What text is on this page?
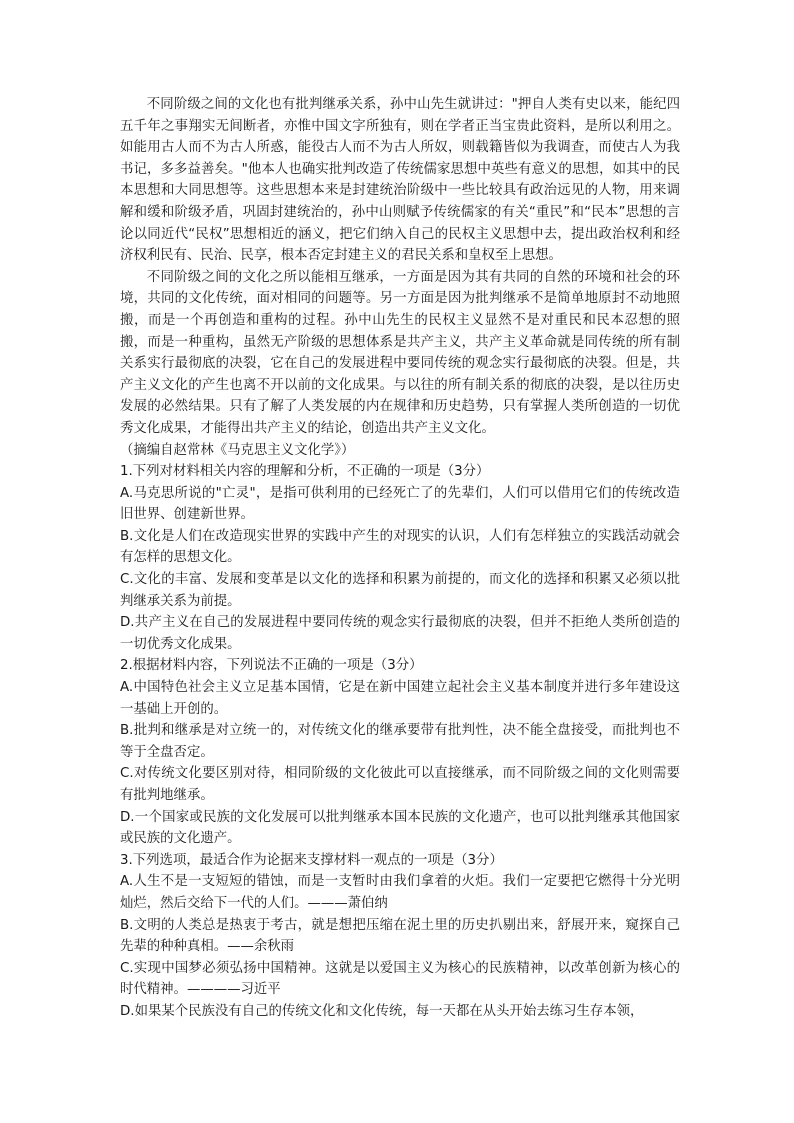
不同阶级之间的文化也有批判继承关系，孙中山先生就讲过："押自人类有史以来，能纪四五千年之事翔实无间断者，亦惟中国文字所独有，则在学者正当宝贵此资料，是所以利用之。如能用古人而不为古人所惑，能役古人而不为古人所奴，则载籍皆似为我调查，而使古人为我书记，多多益善矣。"他本人也确实批判改造了传统儒家思想中英些有意义的思想，如其中的民本思想和大同思想等。这些思想本来是封建统治阶级中一些比较具有政治远见的人物，用来调解和缓和阶级矛盾，巩固封建统治的，孙中山则赋予传统儒家的有关“重民”和“民本”思想的言论以同近代“民权”思想相近的涵义，把它们纳入自己的民权主义思想中去，提出政治权利和经济权利民有、民治、民享，根本否定封建主义的君民关系和皇权至上思想。

不同阶级之间的文化之所以能相互继承，一方面是因为其有共同的自然的环境和社会的环境，共同的文化传统，面对相同的问题等。另一方面是因为批判继承不是简单地原封不动地照搬，而是一个再创造和重构的过程。孙中山先生的民权主义显然不是对重民和民本忍想的照搬，而是一种重构，虽然无产阶级的思想体系是共产主义，共产主义革命就是同传统的所有制关系实行最彻底的决裂，它在自己的发展进程中要同传统的观念实行最彻底的决裂。但是，共产主义文化的产生也离不开以前的文化成果。与以往的所有制关系的彻底的决裂，是以往历史发展的必然结果。只有了解了人类发展的内在规律和历史趋势，只有掌握人类所创造的一切优秀文化成果，才能得出共产主义的结论，创造出共产主义文化。

（摘编自赵常林《马克思主义文化学》）

1.下列对材料相关内容的理解和分析，不正确的一项是（3分）

A.马克思所说的"亡灵"，是指可供利用的已经死亡了的先辈们，人们可以借用它们的传统改造旧世界、创建新世界。

B.文化是人们在改造现实世界的实践中产生的对现实的认识，人们有怎样独立的实践活动就会有怎样的思想文化。

C.文化的丰富、发展和变革是以文化的选择和积累为前提的，而文化的选择和积累又必须以批判继承关系为前提。

D.共产主义在自己的发展进程中要同传统的观念实行最彻底的决裂，但并不拒绝人类所创造的一切优秀文化成果。

2.根据材料内容，下列说法不正确的一项是（3分）

A.中国特色社会主义立足基本国情，它是在新中国建立起社会主义基本制度并进行多年建设这一基础上开创的。

B.批判和继承是对立统一的，对传统文化的继承要带有批判性，决不能全盘接受，而批判也不等于全盘否定。

C.对传统文化要区别对待，相同阶级的文化彼此可以直接继承，而不同阶级之间的文化则需要有批判地继承。

D.一个国家或民族的文化发展可以批判继承本国本民族的文化遗产，也可以批判继承其他国家或民族的文化遗产。

3.下列选项，最适合作为论据来支撑材料一观点的一项是（3分）

A.人生不是一支短短的错蚀，而是一支暂时由我们拿着的火炬。我们一定要把它燃得十分光明灿烂，然后交给下一代的人们。———萧伯纳

B.文明的人类总是热衷于考古，就是想把压缩在泥土里的历史扒剔出来，舒展开来，窥探自己先辈的种种真相。——余秋雨

C.实现中国梦必须弘扬中国精神。这就是以爱国主义为核心的民族精神，以改革创新为核心的时代精神。————习近平

D.如果某个民族没有自己的传统文化和文化传统，每一天都在从头开始去练习生存本领，
